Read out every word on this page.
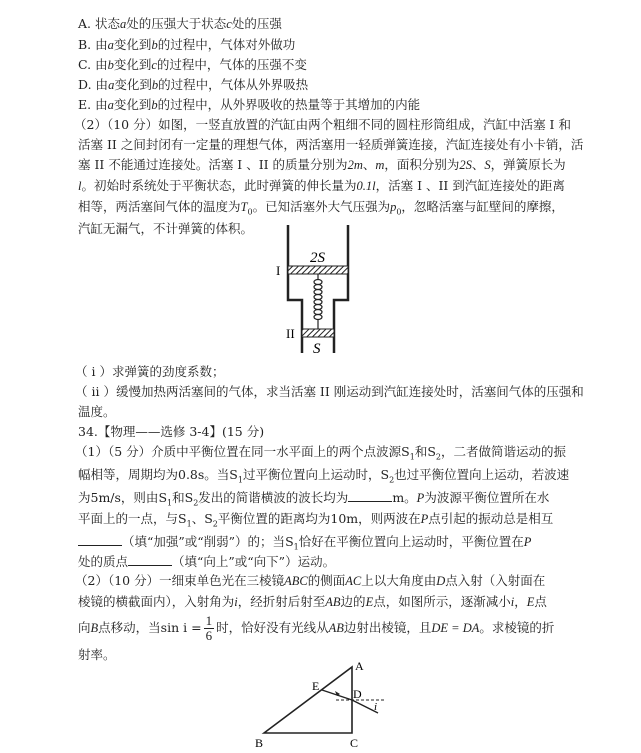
A. 状态a处的压强大于状态c处的压强
B. 由a变化到b的过程中，气体对外做功
C. 由b变化到c的过程中，气体的压强不变
D. 由a变化到b的过程中，气体从外界吸热
E. 由a变化到b的过程中，从外界吸收的热量等于其增加的内能
（2）（10 分）如图，一竖直放置的汽缸由两个粗细不同的圆柱形筒组成，汽缸中活塞 I 和
活塞 II 之间封闭有一定量的理想气体，两活塞用一轻质弹簧连接，汽缸连接处有小卡销，活
塞 II 不能通过连接处。活塞 I 、II 的质量分别为2m、m，面积分别为2S、S，弹簧原长为
l。初始时系统处于平衡状态，此时弹簧的伸长量为0.1l，活塞 I 、II 到汽缸连接处的距离
相等，两活塞间气体的温度为$T_0$。已知活塞外大气压强为$p_0$，忽略活塞与缸壁间的摩擦，
汽缸无漏气，不计弹簧的体积。
2S
S
I
II
（ i ）求弹簧的劲度系数；
（ ii ）缓慢加热两活塞间的气体，求当活塞 II 刚运动到汽缸连接处时，活塞间气体的压强和
温度。
34.【物理——选修 3-4】(15 分)
（1）（5 分）介质中平衡位置在同一水平面上的两个点波源$S_1$和$S_2$，二者做简谐运动的振
幅相等，周期均为0.8s。当$S_1$过平衡位置向上运动时，$S_2$也过平衡位置向上运动，若波速
为5m/s，则由$S_1$和$S_2$发出的简谐横波的波长均为	m。P为波源平衡位置所在水
平面上的一点，与$S_1$、$S_2$平衡位置的距离均为10m，则两波在P点引起的振动总是相互
（填“加强”或“削弱”）的；当$S_1$恰好在平衡位置向上运动时，平衡位置在P
处的质点	（填“向上”或“向下”）运动。
（2）（10 分）一细束单色光在三棱镜ABC的侧面AC上以大角度由D点入射（入射面在
棱镜的横截面内），入射角为i，经折射后射至AB边的E点，如图所示，逐渐减小i，E点
向B点移动，当$\sin i = \frac{1}{6}$ 时，恰好没有光线从AB边射出棱镜，且DE = DA。求棱镜的折
射率。
A
B	C
D
E
i
